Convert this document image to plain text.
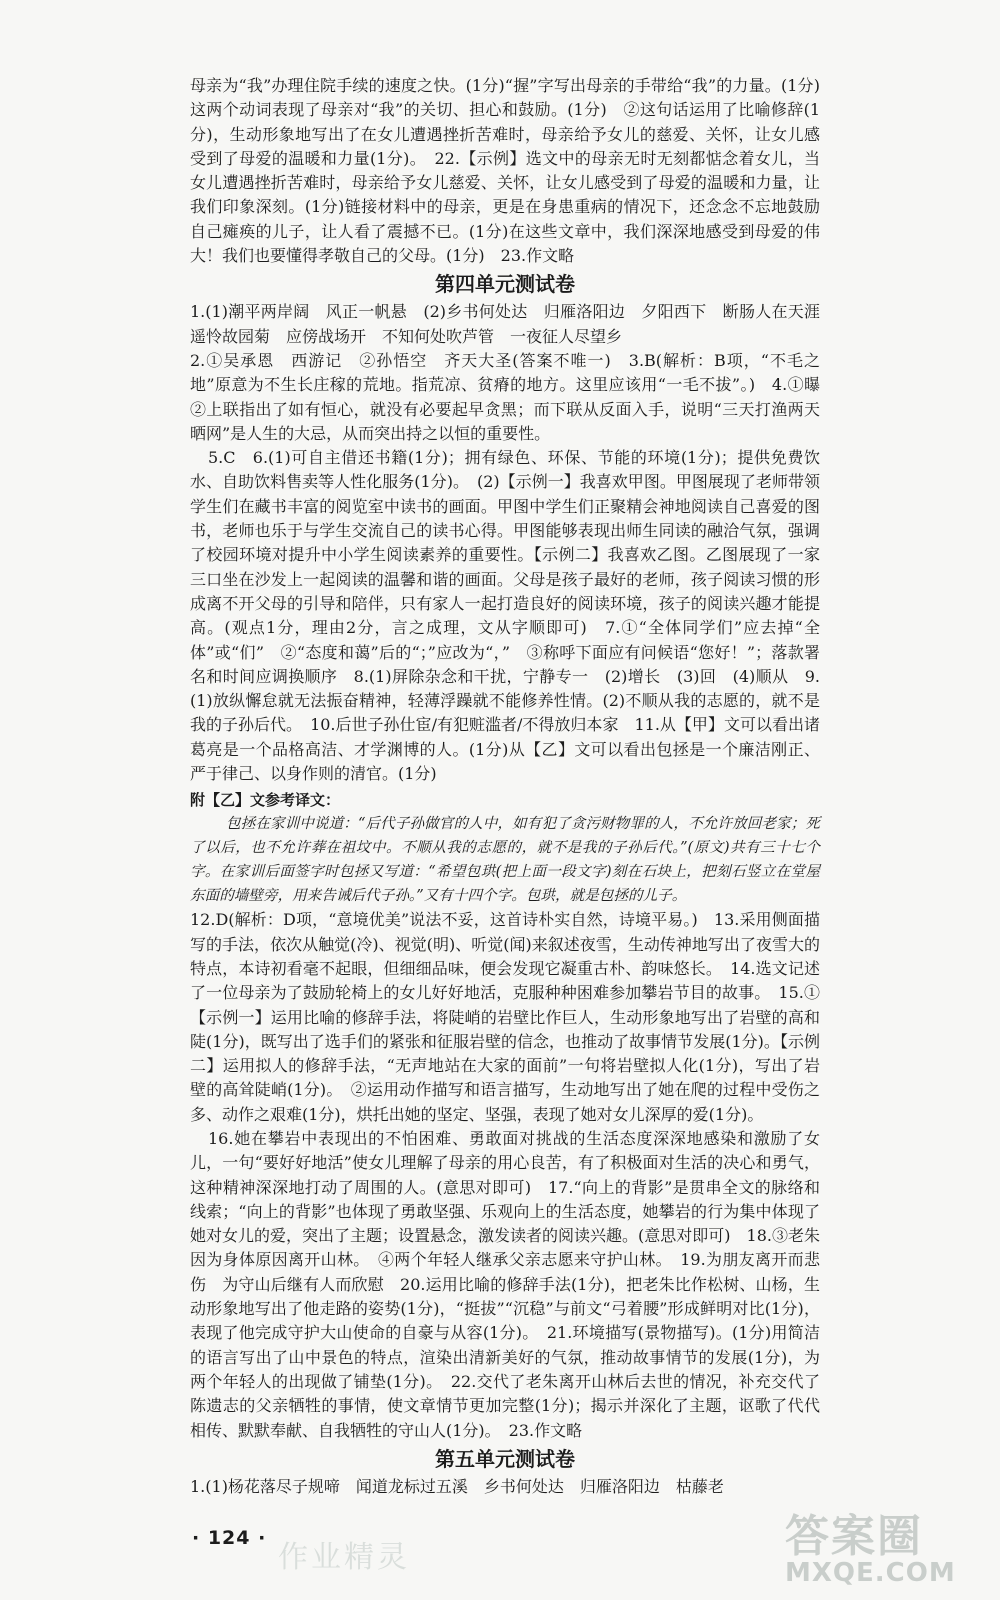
母亲为“我”办理住院手续的速度之快。(1分)“握”字写出母亲的手带给“我”的力量。(1分)这两个动词表现了母亲对“我”的关切、担心和鼓励。(1分)　②这句话运用了比喻修辞(1分)，生动形象地写出了在女儿遭遇挫折苦难时，母亲给予女儿的慈爱、关怀，让女儿感受到了母爱的温暖和力量(1分)。　22.【示例】选文中的母亲无时无刻都惦念着女儿，当女儿遭遇挫折苦难时，母亲给予女儿慈爱、关怀，让女儿感受到了母爱的温暖和力量，让我们印象深刻。(1分)链接材料中的母亲，更是在身患重病的情况下，还念念不忘地鼓励自己瘫痪的儿子，让人看了震撼不已。(1分)在这些文章中，我们深深地感受到母爱的伟大！我们也要懂得孝敬自己的父母。(1分)　23.作文略

第四单元测试卷

1.(1)潮平两岸阔　风正一帆悬　(2)乡书何处达　归雁洛阳边　夕阳西下　断肠人在天涯　遥怜故园菊　应傍战场开　不知何处吹芦管　一夜征人尽望乡

2.①吴承恩　西游记　②孙悟空　齐天大圣(答案不唯一)　3.B(解析：B项，“不毛之地”原意为不生长庄稼的荒地。指荒凉、贫瘠的地方。这里应该用“一毛不拔”。)　4.①曝　②上联指出了如有恒心，就没有必要起早贪黑；而下联从反面入手，说明“三天打渔两天晒网”是人生的大忌，从而突出持之以恒的重要性。

5.C　6.(1)可自主借还书籍(1分)；拥有绿色、环保、节能的环境(1分)；提供免费饮水、自助饮料售卖等人性化服务(1分)。　(2)【示例一】我喜欢甲图。甲图展现了老师带领学生们在藏书丰富的阅览室中读书的画面。甲图中学生们正聚精会神地阅读自己喜爱的图书，老师也乐于与学生交流自己的读书心得。甲图能够表现出师生同读的融洽气氛，强调了校园环境对提升中小学生阅读素养的重要性。【示例二】我喜欢乙图。乙图展现了一家三口坐在沙发上一起阅读的温馨和谐的画面。父母是孩子最好的老师，孩子阅读习惯的形成离不开父母的引导和陪伴，只有家人一起打造良好的阅读环境，孩子的阅读兴趣才能提高。(观点1分，理由2分，言之成理，文从字顺即可)　7.①“全体同学们”应去掉“全体”或“们”　②“态度和蔼”后的“；”应改为“，”　③称呼下面应有问候语“您好！”；落款署名和时间应调换顺序　8.(1)屏除杂念和干扰，宁静专一　(2)增长　(3)回　(4)顺从　9.(1)放纵懈怠就无法振奋精神，轻薄浮躁就不能修养性情。(2)不顺从我的志愿的，就不是我的子孙后代。　10.后世子孙仕宦/有犯赃滥者/不得放归本家　11.从【甲】文可以看出诸葛亮是一个品格高洁、才学渊博的人。(1分)从【乙】文可以看出包拯是一个廉洁刚正、严于律己、以身作则的清官。(1分)

附【乙】文参考译文：

包拯在家训中说道：“后代子孙做官的人中，如有犯了贪污财物罪的人，不允许放回老家；死了以后，也不允许葬在祖坟中。不顺从我的志愿的，就不是我的子孙后代。”(原文)共有三十七个字。在家训后面签字时包拯又写道：“希望包珙(把上面一段文字)刻在石块上，把刻石竖立在堂屋东面的墙壁旁，用来告诫后代子孙。”又有十四个字。包珙，就是包拯的儿子。

12.D(解析：D项，“意境优美”说法不妥，这首诗朴实自然，诗境平易。)　13.采用侧面描写的手法，依次从触觉(冷)、视觉(明)、听觉(闻)来叙述夜雪，生动传神地写出了夜雪大的特点，本诗初看毫不起眼，但细细品味，便会发现它凝重古朴、韵味悠长。　14.选文记述了一位母亲为了鼓励轮椅上的女儿好好地活，克服种种困难参加攀岩节目的故事。　15.①【示例一】运用比喻的修辞手法，将陡峭的岩壁比作巨人，生动形象地写出了岩壁的高和陡(1分)，既写出了选手们的紧张和征服岩壁的信念，也推动了故事情节发展(1分)。【示例二】运用拟人的修辞手法，“无声地站在大家的面前”一句将岩壁拟人化(1分)，写出了岩壁的高耸陡峭(1分)。　②运用动作描写和语言描写，生动地写出了她在爬的过程中受伤之多、动作之艰难(1分)，烘托出她的坚定、坚强，表现了她对女儿深厚的爱(1分)。

16.她在攀岩中表现出的不怕困难、勇敢面对挑战的生活态度深深地感染和激励了女儿，一句“要好好地活”使女儿理解了母亲的用心良苦，有了积极面对生活的决心和勇气，这种精神深深地打动了周围的人。(意思对即可)　17.“向上的背影”是贯串全文的脉络和线索；“向上的背影”也体现了勇敢坚强、乐观向上的生活态度，她攀岩的行为集中体现了她对女儿的爱，突出了主题；设置悬念，激发读者的阅读兴趣。(意思对即可)　18.③老朱因为身体原因离开山林。　④两个年轻人继承父亲志愿来守护山林。　19.为朋友离开而悲伤　为守山后继有人而欣慰　20.运用比喻的修辞手法(1分)，把老朱比作松树、山杨，生动形象地写出了他走路的姿势(1分)，“挺拔”“沉稳”与前文“弓着腰”形成鲜明对比(1分)，表现了他完成守护大山使命的自豪与从容(1分)。　21.环境描写(景物描写)。(1分)用简洁的语言写出了山中景色的特点，渲染出清新美好的气氛，推动故事情节的发展(1分)，为两个年轻人的出现做了铺垫(1分)。　22.交代了老朱离开山林后去世的情况，补充交代了陈遗志的父亲牺牲的事情，使文章情节更加完整(1分)；揭示并深化了主题，讴歌了代代相传、默默奉献、自我牺牲的守山人(1分)。　23.作文略

第五单元测试卷

1.(1)杨花落尽子规啼　闻道龙标过五溪　乡书何处达　归雁洛阳边　枯藤老

· 124 ·
作业精灵	答案圈
MXQE.COM
